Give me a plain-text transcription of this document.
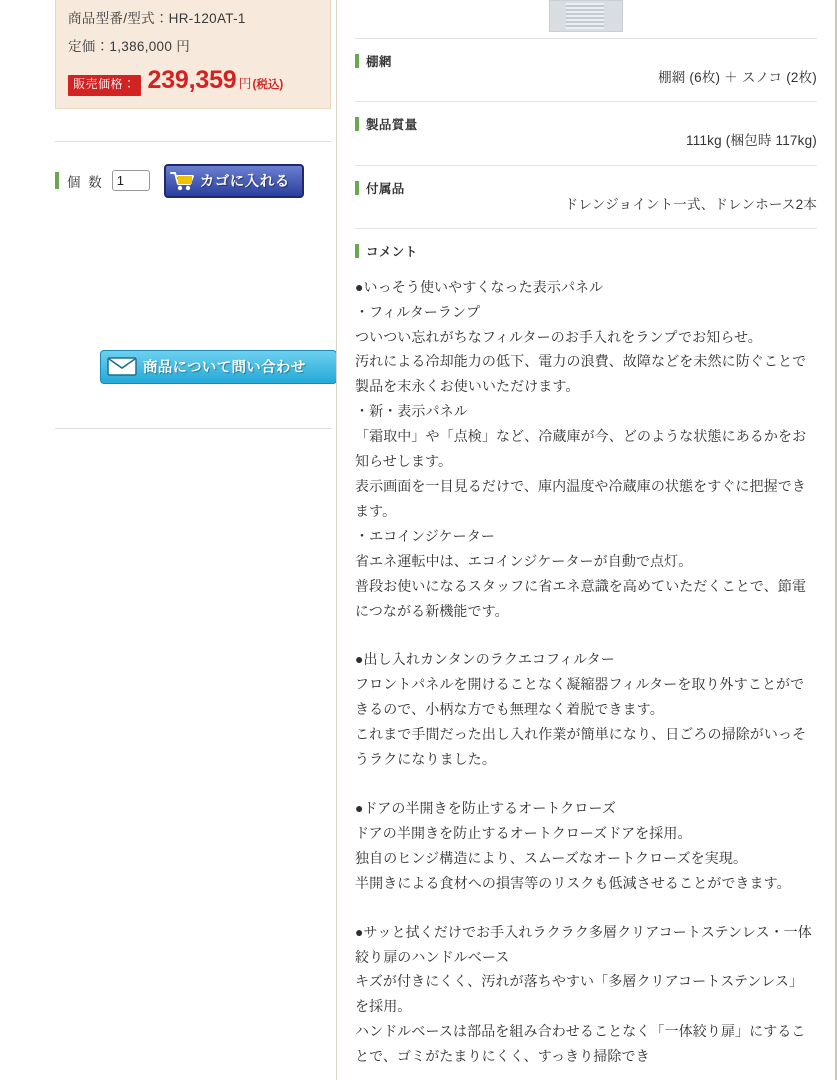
商品型番/型式：HR-120AT-1
定価：1,386,000 円
販売価格： 239,359 円 (税込)
個 数
1	カゴに入れる
商品について問い合わせ
棚網
棚網 (6枚) ＋ スノコ (2枚)
製品質量
111kg (梱包時 117kg)
付属品
ドレンジョイント一式、ドレンホース2本
コメント

●いっそう使いやすくなった表示パネル

・フィルターランプ

ついつい忘れがちなフィルターのお手入れをランプでお知らせ。

汚れによる冷却能力の低下、電力の浪費、故障などを未然に防ぐことで製品を末永くお使いいただけます。

・新・表示パネル

「霜取中」や「点検」など、冷蔵庫が今、どのような状態にあるかをお知らせします。

表示画面を一目見るだけで、庫内温度や冷蔵庫の状態をすぐに把握できます。

・エコインジケーター

省エネ運転中は、エコインジケーターが自動で点灯。

普段お使いになるスタッフに省エネ意識を高めていただくことで、節電につながる新機能です。

●出し入れカンタンのラクエコフィルター

フロントパネルを開けることなく凝縮器フィルターを取り外すことができるので、小柄な方でも無理なく着脱できます。

これまで手間だった出し入れ作業が簡単になり、日ごろの掃除がいっそうラクになりました。

●ドアの半開きを防止するオートクローズ

ドアの半開きを防止するオートクローズドアを採用。

独自のヒンジ構造により、スムーズなオートクローズを実現。

半開きによる食材への損害等のリスクも低減させることができます。

●サッと拭くだけでお手入れラクラク多層クリアコートステンレス・一体絞り扉のハンドルベース

キズが付きにくく、汚れが落ちやすい「多層クリアコートステンレス」を採用。

ハンドルベースは部品を組み合わせることなく「一体絞り扉」にすることで、ゴミがたまりにくく、すっきり掃除でき
